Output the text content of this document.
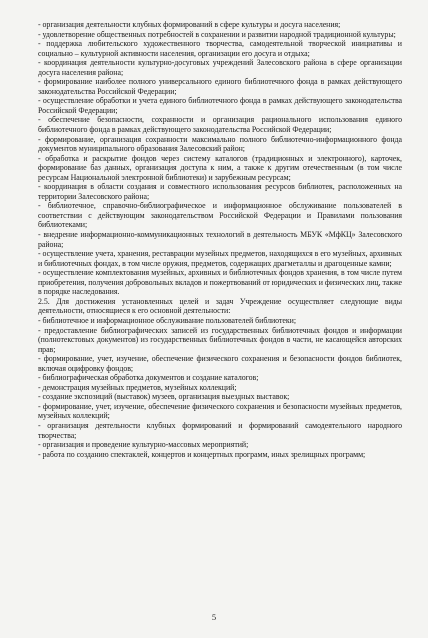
- организация деятельности клубных формирований в сфере культуры и досуга населения;

- удовлетворение общественных потребностей в сохранении и развитии народной традиционной культуры;

- поддержка любительского художественного творчества, самодеятельной творческой инициативы и социально – культурной активности населения, организации его досуга и отдыха;

- координация деятельности культурно-досуговых учреждений Залесовского района в сфере организации досуга населения района;

- формирование наиболее полного универсального единого библиотечного фонда в рамках действующего законодательства Российской Федерации;

- осуществление обработки и учета единого библиотечного фонда в рамках действующего законодательства Российской Федерации;

- обеспечение безопасности, сохранности и организация рационального использования единого библиотечного фонда в рамках действующего законодательства Российской Федерации;

- формирование, организация сохранности максимально полного библиотечно-информационного фонда документов муниципального образования Залесовский район;

- обработка и раскрытие фондов через систему каталогов (традиционных и электронного), карточек, формирование баз данных, организация доступа к ним, а также к другим отечественным (в том числе ресурсам Национальной электронной библиотеки) и зарубежным ресурсам;

- координация в области создания и совместного использования ресурсов библиотек, расположенных на территории Залесовского района;

- библиотечное, справочно-библиографическое и информационное обслуживание пользователей в соответствии с действующим законодательством Российской Федерации и Правилами пользования библиотеками;

- внедрение информационно-коммуникационных технологий в деятельность МБУК «МфКЦ» Залесовского района;

- осуществление учета, хранения, реставрации музейных предметов, находящихся в его музейных, архивных и библиотечных фондах, в том числе оружия, предметов, содержащих драгметаллы и драгоценные камни;

- осуществление комплектования музейных, архивных и библиотечных фондов хранения, в том числе путем приобретения, получения добровольных вкладов и пожертвований от юридических и физических лиц, также в порядке наследования.

2.5. Для достижения установленных целей и задач Учреждение осуществляет следующие виды деятельности, относящиеся к его основной деятельности:

- библиотечное и информационное обслуживание пользователей библиотеки;

- предоставление библиографических записей из государственных библиотечных фондов и информации (полнотекстовых документов) из государственных библиотечных фондов в части, не касающейся авторских прав;

- формирование, учет, изучение, обеспечение физического сохранения и безопасности фондов библиотек, включая оцифровку фондов;

- библиографическая обработка документов и создание каталогов;

- демонстрация музейных предметов, музейных коллекций;

- создание экспозиций (выставок) музеев, организация выездных выставок;

- формирование, учет, изучение, обеспечение физического сохранения и безопасности музейных предметов, музейных коллекций;

- организация деятельности клубных формирований и формирований самодеятельного народного творчества;

- организация и проведение культурно-массовых мероприятий;

- работа по созданию спектаклей, концертов и концертных программ, иных зрелищных программ;

5
